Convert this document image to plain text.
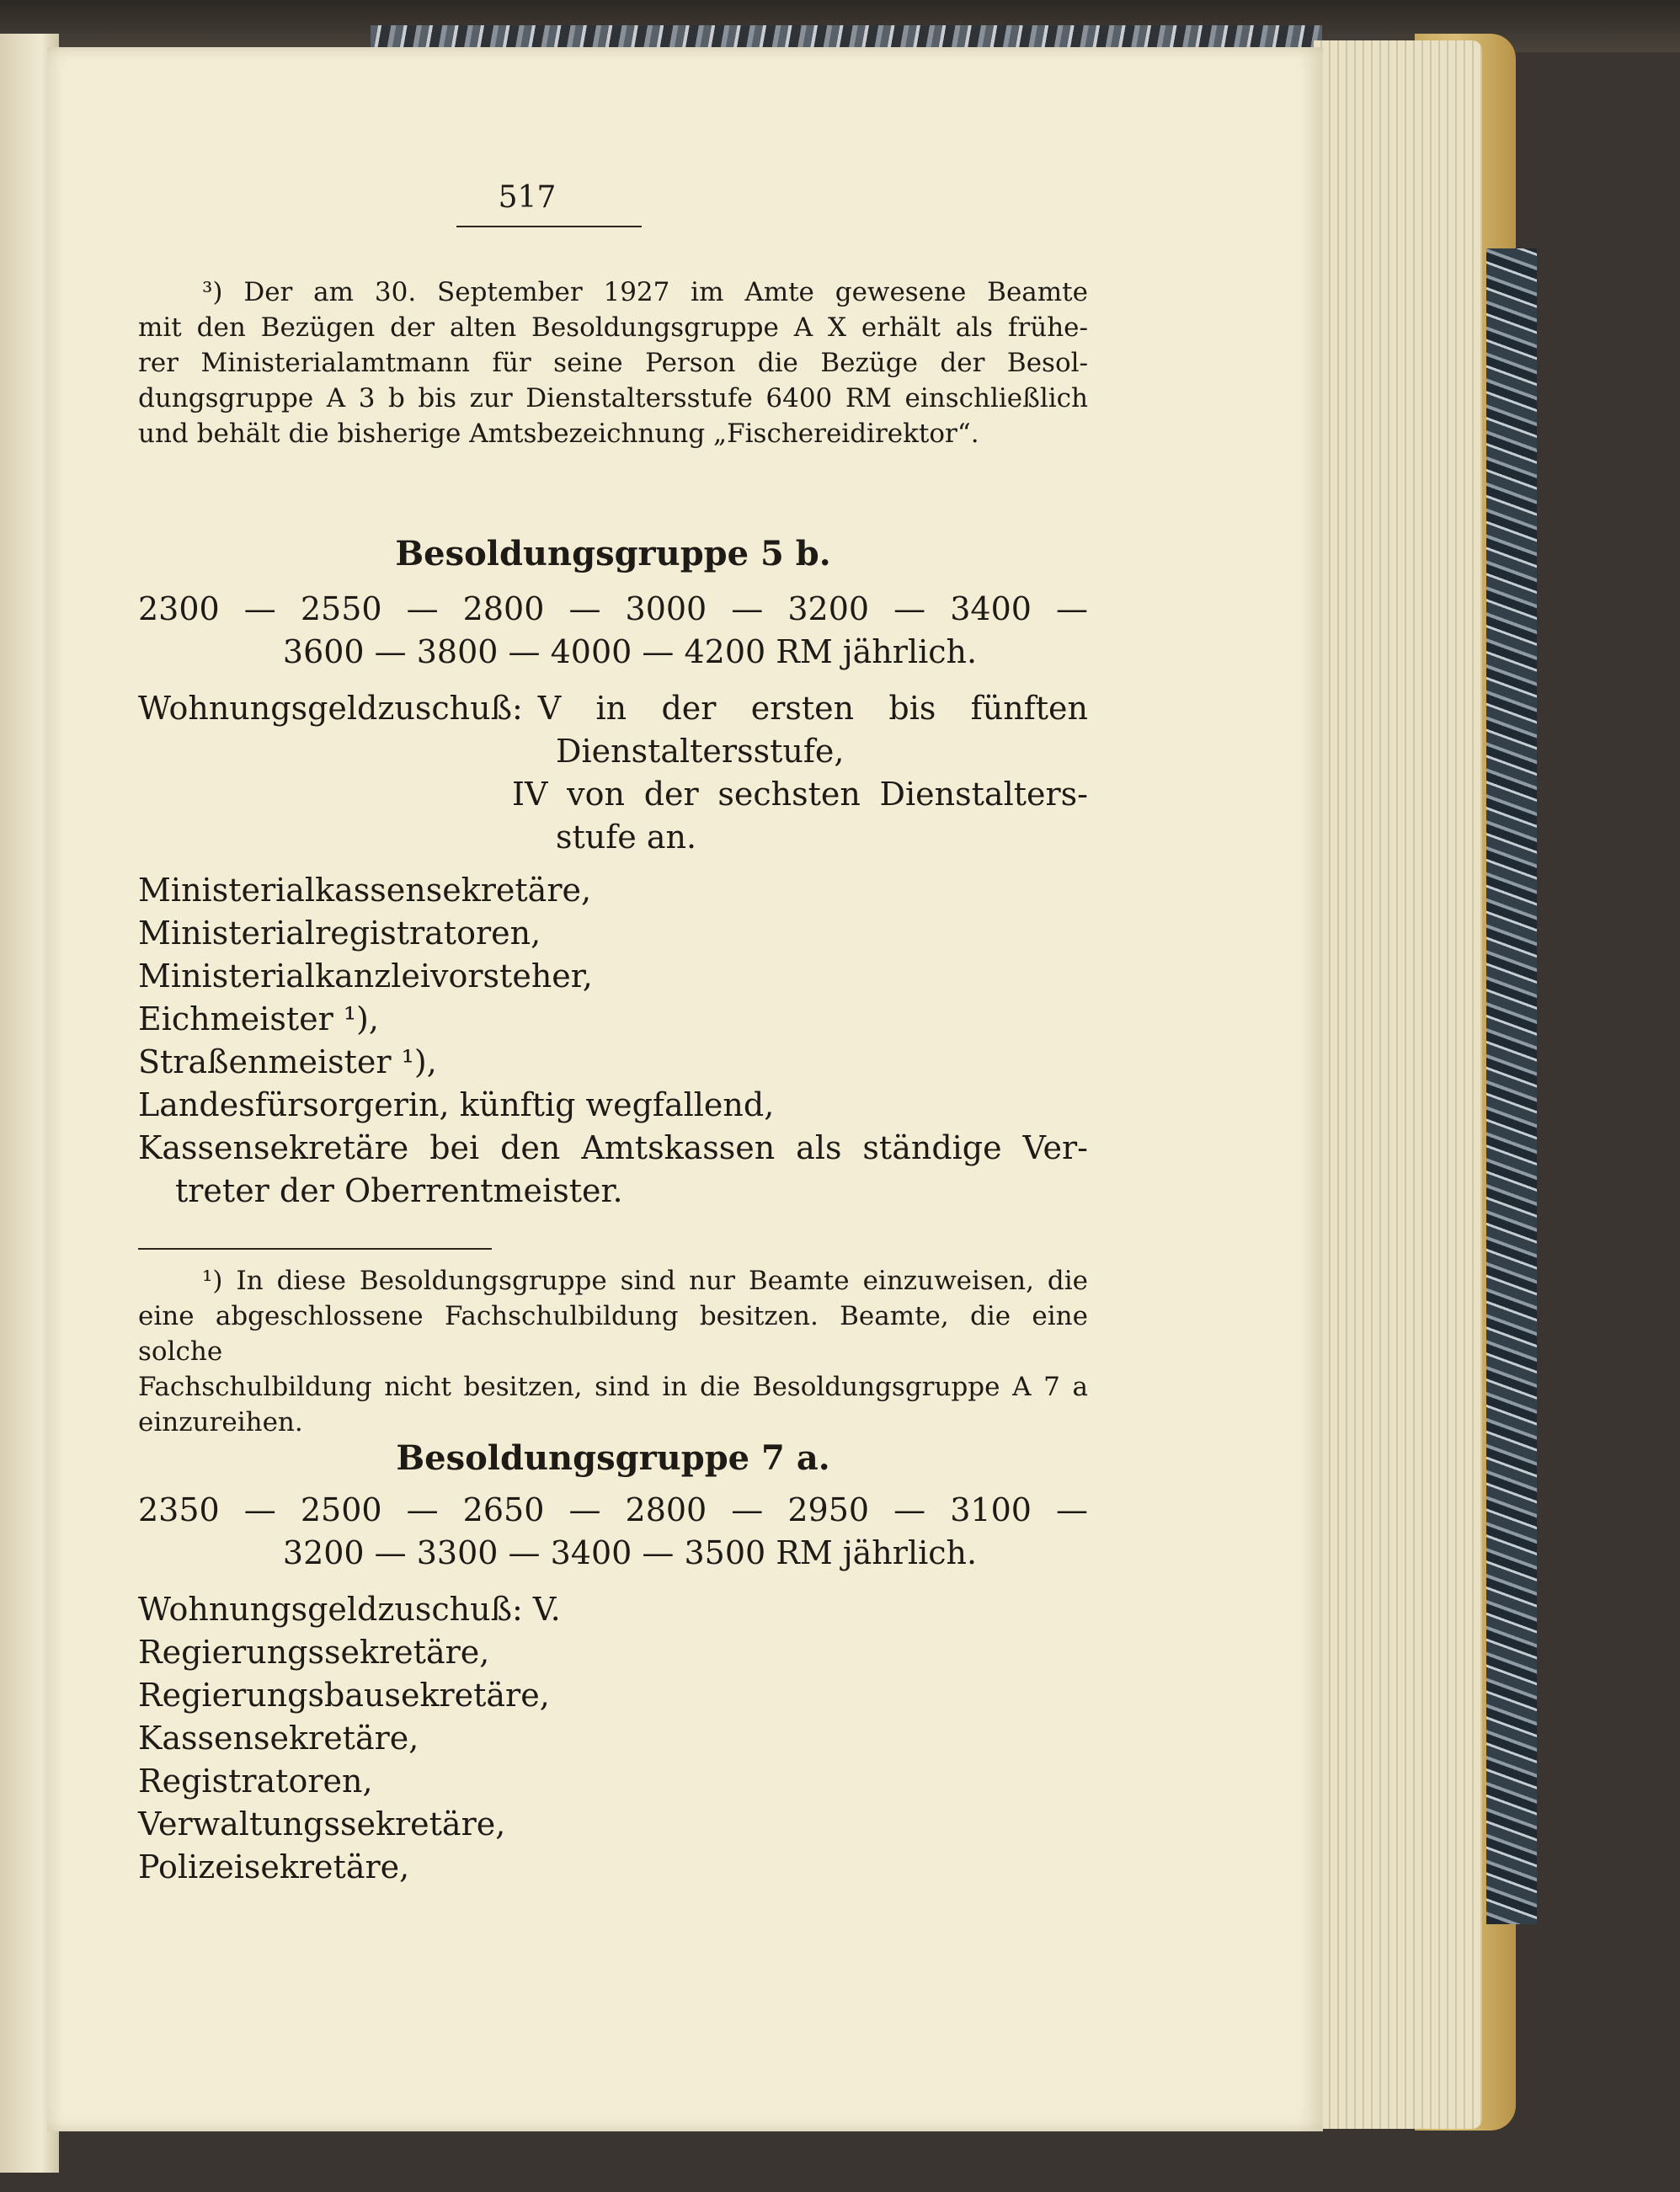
517
³) Der am 30. September 1927 im Amte gewesene Beamte
mit den Bezügen der alten Besoldungsgruppe A X erhält als frühe-
rer Ministerialamtmann für seine Person die Bezüge der Besol-
dungsgruppe A 3 b bis zur Dienstaltersstufe 6400 RM einschließlich
und behält die bisherige Amtsbezeichnung „Fischereidirektor“.
Besoldungsgruppe 5 b.
2300 — 2550 — 2800 — 3000 — 3200 — 3400 —
3600 — 3800 — 4000 — 4200 RM jährlich.
Wohnungsgeldzuschuß: V in der ersten bis fünften
Dienstaltersstufe,
IV von der sechsten Dienstalters-
stufe an.
Ministerialkassensekretäre,
Ministerialregistratoren,
Ministerialkanzleivorsteher,
Eichmeister ¹),
Straßenmeister ¹),
Landesfürsorgerin, künftig wegfallend,
Kassensekretäre bei den Amtskassen als ständige Ver-
treter der Oberrentmeister.
¹) In diese Besoldungsgruppe sind nur Beamte einzuweisen, die
eine abgeschlossene Fachschulbildung besitzen. Beamte, die eine solche
Fachschulbildung nicht besitzen, sind in die Besoldungsgruppe A 7 a
einzureihen.
Besoldungsgruppe 7 a.
2350 — 2500 — 2650 — 2800 — 2950 — 3100 —
3200 — 3300 — 3400 — 3500 RM jährlich.
Wohnungsgeldzuschuß: V.
Regierungssekretäre,
Regierungsbausekretäre,
Kassensekretäre,
Registratoren,
Verwaltungssekretäre,
Polizeisekretäre,
